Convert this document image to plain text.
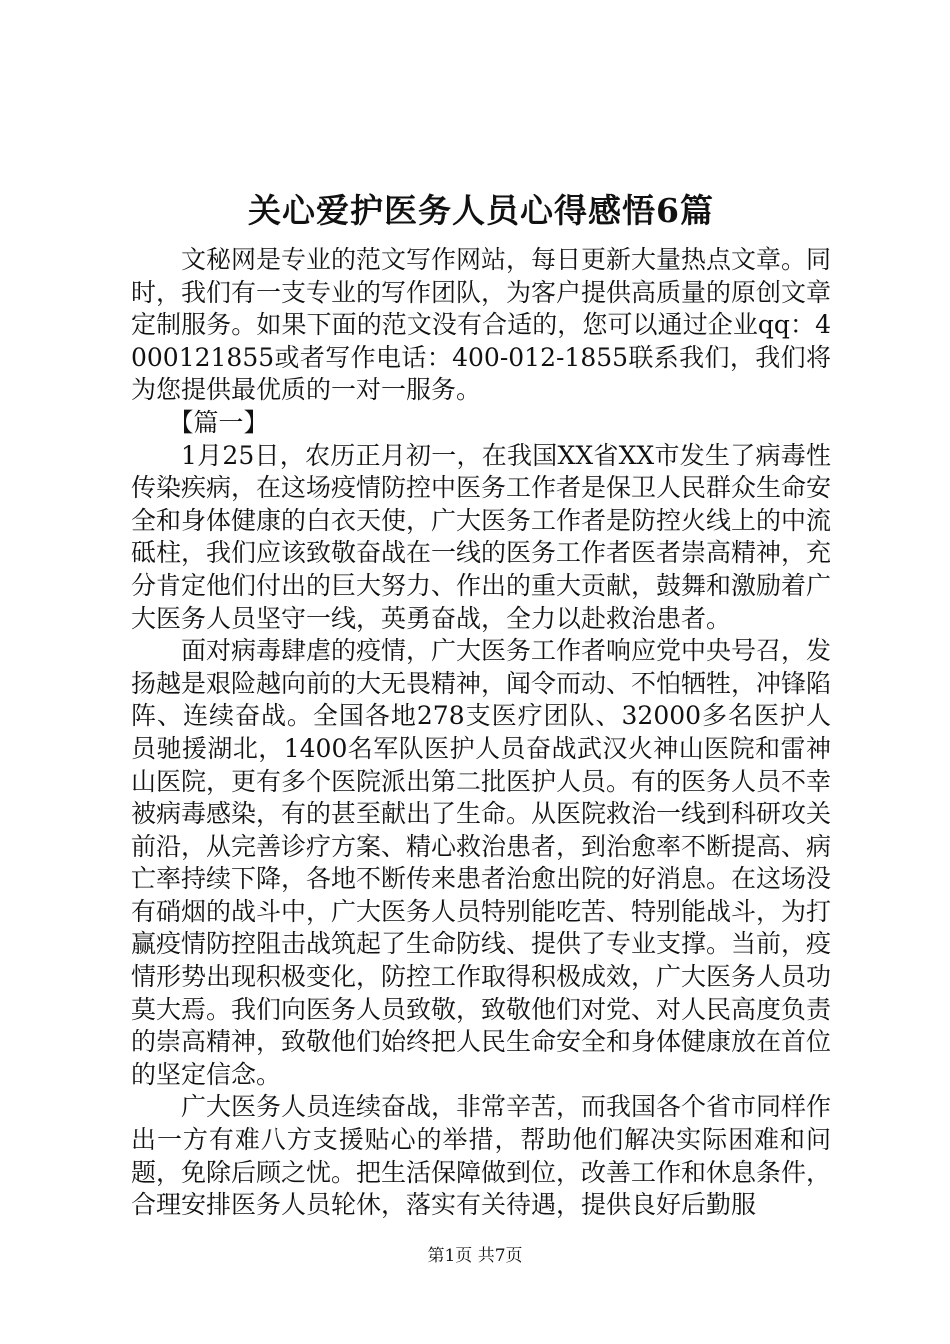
关心爱护医务人员心得感悟6篇

文秘网是专业的范文写作网站，每日更新大量热点文章。同时，我们有一支专业的写作团队，为客户提供高质量的原创文章定制服务。如果下面的范文没有合适的，您可以通过企业qq：4000121855或者写作电话：400-012-1855联系我们，我们将为您提供最优质的一对一服务。

【篇一】

1月25日，农历正月初一，在我国XX省XX市发生了病毒性传染疾病，在这场疫情防控中医务工作者是保卫人民群众生命安全和身体健康的白衣天使，广大医务工作者是防控火线上的中流砥柱，我们应该致敬奋战在一线的医务工作者医者崇高精神，充分肯定他们付出的巨大努力、作出的重大贡献，鼓舞和激励着广大医务人员坚守一线，英勇奋战，全力以赴救治患者。

面对病毒肆虐的疫情，广大医务工作者响应党中央号召，发扬越是艰险越向前的大无畏精神，闻令而动、不怕牺牲，冲锋陷阵、连续奋战。全国各地278支医疗团队、32000多名医护人员驰援湖北，1400名军队医护人员奋战武汉火神山医院和雷神山医院，更有多个医院派出第二批医护人员。有的医务人员不幸被病毒感染，有的甚至献出了生命。从医院救治一线到科研攻关前沿，从完善诊疗方案、精心救治患者，到治愈率不断提高、病亡率持续下降，各地不断传来患者治愈出院的好消息。在这场没有硝烟的战斗中，广大医务人员特别能吃苦、特别能战斗，为打赢疫情防控阻击战筑起了生命防线、提供了专业支撑。当前，疫情形势出现积极变化，防控工作取得积极成效，广大医务人员功莫大焉。我们向医务人员致敬，致敬他们对党、对人民高度负责的崇高精神，致敬他们始终把人民生命安全和身体健康放在首位的坚定信念。

广大医务人员连续奋战，非常辛苦，而我国各个省市同样作出一方有难八方支援贴心的举措，帮助他们解决实际困难和问题，免除后顾之忧。把生活保障做到位，改善工作和休息条件，合理安排医务人员轮休，落实有关待遇，提供良好后勤服

第1页 共7页
